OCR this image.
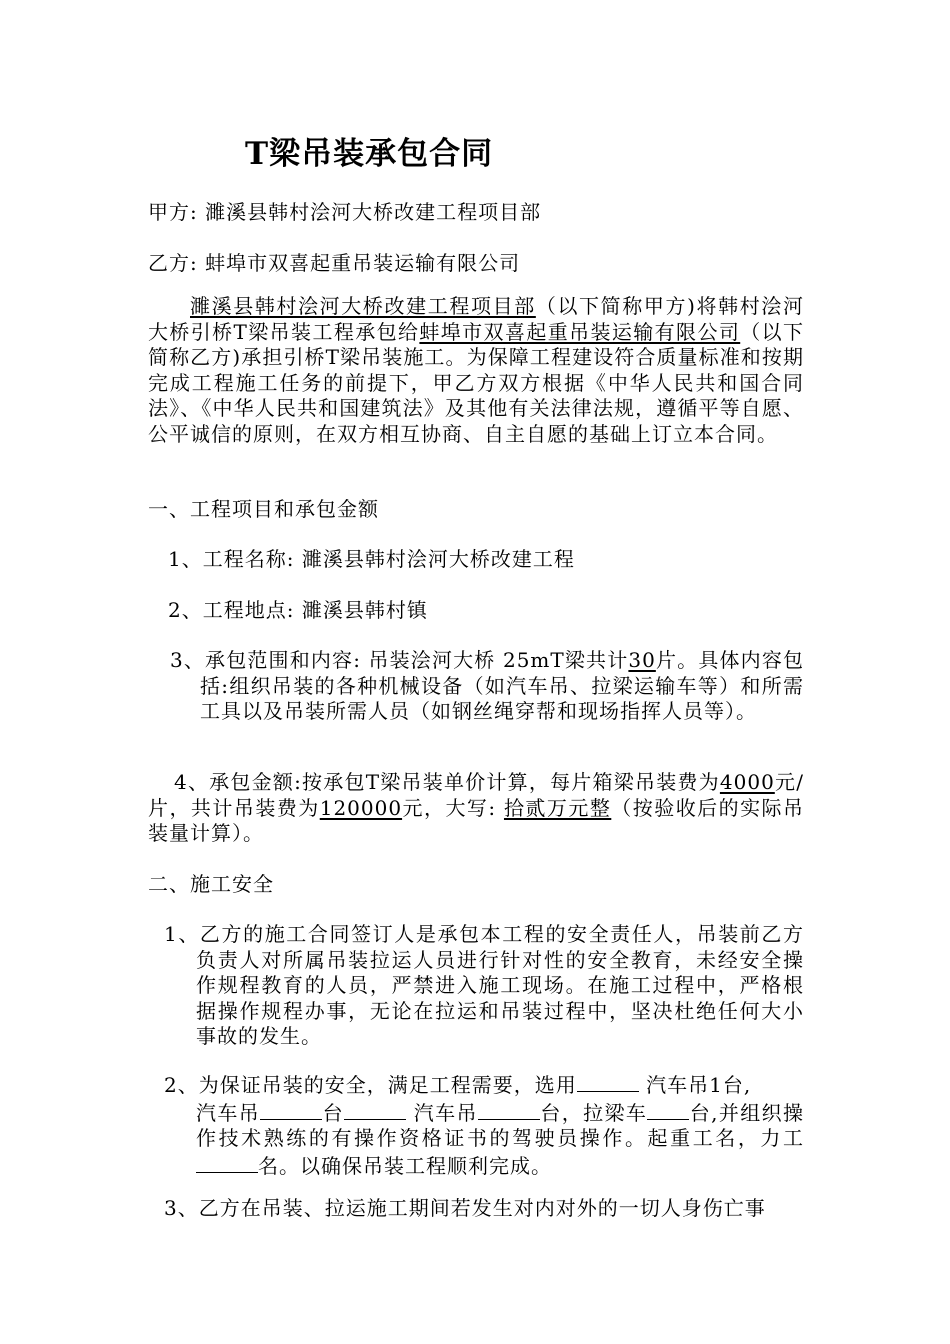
T梁吊装承包合同
甲方: 濉溪县韩村浍河大桥改建工程项目部
乙方: 蚌埠市双喜起重吊装运输有限公司
濉溪县韩村浍河大桥改建工程项目部（以下简称甲方)将韩村浍河大桥引桥T梁吊装工程承包给蚌埠市双喜起重吊装运输有限公司（以下简称乙方)承担引桥T梁吊装施工。为保障工程建设符合质量标准和按期完成工程施工任务的前提下，甲乙方双方根据《中华人民共和国合同法》、《中华人民共和国建筑法》及其他有关法律法规，遵循平等自愿、公平诚信的原则，在双方相互协商、自主自愿的基础上订立本合同。
一、工程项目和承包金额
1、工程名称: 濉溪县韩村浍河大桥改建工程
2、工程地点: 濉溪县韩村镇
3、承包范围和内容: 吊装浍河大桥 25mT梁共计30片。具体内容包括:组织吊装的各种机械设备（如汽车吊、拉梁运输车等）和所需工具以及吊装所需人员（如钢丝绳穿帮和现场指挥人员等）。
4、承包金额:按承包T梁吊装单价计算，每片箱梁吊装费为4000元/片，共计吊装费为120000元，大写: 拾贰万元整（按验收后的实际吊装量计算）。
二、施工安全
1、乙方的施工合同签订人是承包本工程的安全责任人，吊装前乙方负责人对所属吊装拉运人员进行针对性的安全教育，未经安全操作规程教育的人员，严禁进入施工现场。在施工过程中，严格根据操作规程办事，无论在拉运和吊装过程中，坚决杜绝任何大小事故的发生。
2、为保证吊装的安全，满足工程需要，选用	汽车吊1台,
汽车吊	台	汽车吊	台，拉梁车 台,并组织操作技术熟练的有操作资格证书的驾驶员操作。起重工名，力工名。以确保吊装工程顺利完成。
3、乙方在吊装、拉运施工期间若发生对内对外的一切人身伤亡事
